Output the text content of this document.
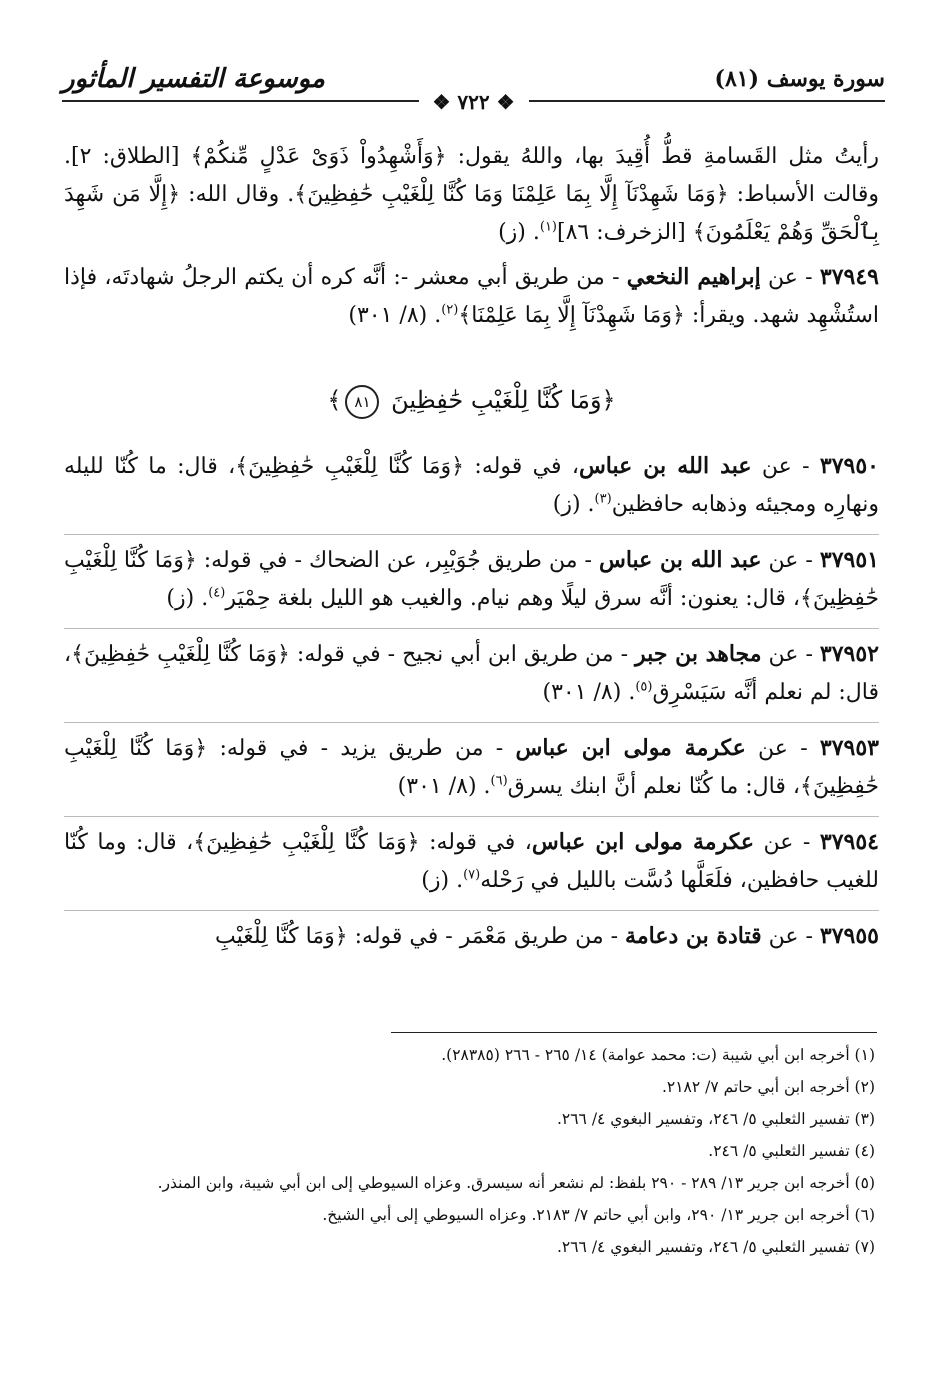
سورة يوسف (٨١)
موسوعة التفسير المأثور
❖ ٧٢٢ ❖

رأيتُ مثل القَسامةِ قطُّ أُقِيدَ بها، واللهُ يقول: ﴿وَأَشْهِدُواْ ذَوَىْ عَدْلٍ مِّنكُمْ﴾ [الطلاق: ٢]. وقالت الأسباط: ﴿وَمَا شَهِدْنَآ إِلَّا بِمَا عَلِمْنَا وَمَا كُنَّا لِلْغَيْبِ حَٰفِظِينَ﴾. وقال الله: ﴿إِلَّا مَن شَهِدَ بِٱلْحَقِّ وَهُمْ يَعْلَمُونَ﴾ [الزخرف: ٨٦]$^{(١)}$. (ز)

٣٧٩٤٩ - عن إبراهيم النخعي - من طريق أبي معشر -: أنَّه كره أن يكتم الرجلُ شهادتَه، فإذا استُشْهِد شهد. ويقرأ: ﴿وَمَا شَهِدْنَآ إِلَّا بِمَا عَلِمْنَا﴾$^{(٢)}$. (٨/ ٣٠١)

﴿وَمَا كُنَّا لِلْغَيْبِ حَٰفِظِينَ ٨١﴾

٣٧٩٥٠ - عن عبد الله بن عباس، في قوله: ﴿وَمَا كُنَّا لِلْغَيْبِ حَٰفِظِينَ﴾، قال: ما كُنّا لليله ونهارِه ومجيئه وذهابه حافظين$^{(٣)}$. (ز)

٣٧٩٥١ - عن عبد الله بن عباس - من طريق جُوَيْبِر، عن الضحاك - في قوله: ﴿وَمَا كُنَّا لِلْغَيْبِ حَٰفِظِينَ﴾، قال: يعنون: أنَّه سرق ليلًا وهم نيام. والغيب هو الليل بلغة حِمْيَر$^{(٤)}$. (ز)

٣٧٩٥٢ - عن مجاهد بن جبر - من طريق ابن أبي نجيح - في قوله: ﴿وَمَا كُنَّا لِلْغَيْبِ حَٰفِظِينَ﴾، قال: لم نعلم أنَّه سَيَسْرِق$^{(٥)}$. (٨/ ٣٠١)

٣٧٩٥٣ - عن عكرمة مولى ابن عباس - من طريق يزيد - في قوله: ﴿وَمَا كُنَّا لِلْغَيْبِ حَٰفِظِينَ﴾، قال: ما كُنّا نعلم أنَّ ابنك يسرق$^{(٦)}$. (٨/ ٣٠١)

٣٧٩٥٤ - عن عكرمة مولى ابن عباس، في قوله: ﴿وَمَا كُنَّا لِلْغَيْبِ حَٰفِظِينَ﴾، قال: وما كُنّا للغيب حافظين، فلَعَلَّها دُسَّت بالليل في رَحْله$^{(٧)}$. (ز)

٣٧٩٥٥ - عن قتادة بن دعامة - من طريق مَعْمَر - في قوله: ﴿وَمَا كُنَّا لِلْغَيْبِ

(١) أخرجه ابن أبي شيبة (ت: محمد عوامة) ١٤/ ٢٦٥ - ٢٦٦ (٢٨٣٨٥).

(٢) أخرجه ابن أبي حاتم ٧/ ٢١٨٢.

(٣) تفسير الثعلبي ٥/ ٢٤٦، وتفسير البغوي ٤/ ٢٦٦.

(٤) تفسير الثعلبي ٥/ ٢٤٦.

(٥) أخرجه ابن جرير ١٣/ ٢٨٩ - ٢٩٠ بلفظ: لم نشعر أنه سيسرق. وعزاه السيوطي إلى ابن أبي شيبة، وابن المنذر.

(٦) أخرجه ابن جرير ١٣/ ٢٩٠، وابن أبي حاتم ٧/ ٢١٨٣. وعزاه السيوطي إلى أبي الشيخ.

(٧) تفسير الثعلبي ٥/ ٢٤٦، وتفسير البغوي ٤/ ٢٦٦.
